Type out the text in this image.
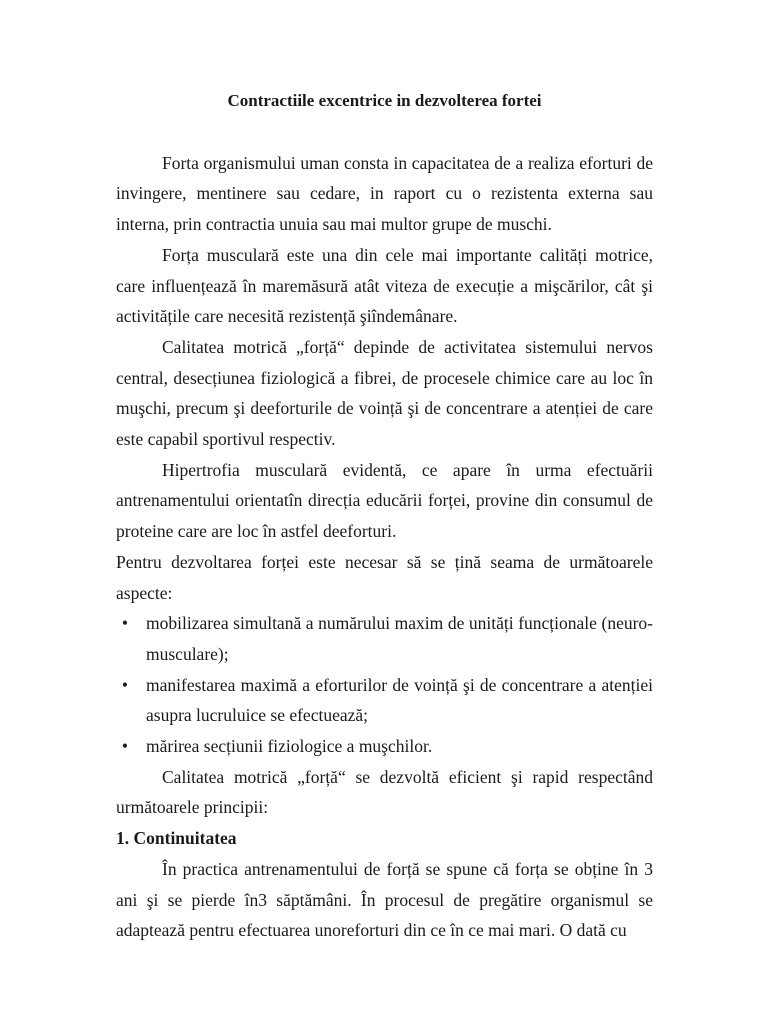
Contractiile excentrice in dezvolterea fortei

Forta organismului uman consta in capacitatea de a realiza eforturi de invingere, mentinere sau cedare, in raport cu o rezistenta externa sau interna, prin contractia unuia sau mai multor grupe de muschi.

Forța musculară este una din cele mai importante calități motrice, care influențează în maremăsură atât viteza de execuție a mişcărilor, cât şi activitățile care necesită rezistență şiîndemânare.

Calitatea motrică „forță“ depinde de activitatea sistemului nervos central, desecțiunea fiziologică a fibrei, de procesele chimice care au loc în muşchi, precum şi deeforturile de voință şi de concentrare a atenției de care este capabil sportivul respectiv.

Hipertrofia musculară evidentă, ce apare în urma efectuării antrenamentului orientatîn direcția educării forței, provine din consumul de proteine care are loc în astfel deeforturi.

Pentru dezvoltarea forței este necesar să se țină seama de următoarele aspecte:

• mobilizarea simultană a numărului maxim de unități funcționale (neuro-musculare);
• manifestarea maximă a eforturilor de voință şi de concentrare a atenției asupra lucruluice se efectuează;
• mărirea secțiunii fiziologice a muşchilor.

Calitatea motrică „forță“ se dezvoltă eficient şi rapid respectând următoarele principii:

1. Continuitatea

În practica antrenamentului de forță se spune că forța se obține în 3 ani şi se pierde în3 săptămâni. În procesul de pregătire organismul se adaptează pentru efectuarea unoreforturi din ce în ce mai mari. O dată cu
